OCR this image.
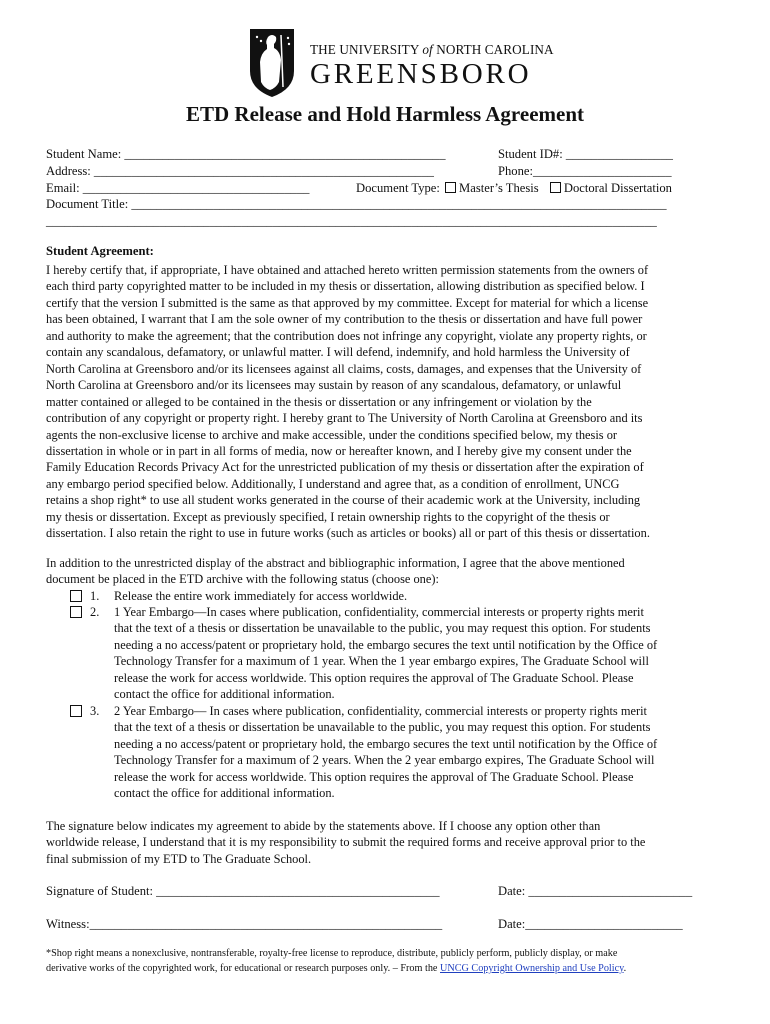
THE UNIVERSITY of NORTH CAROLINA
GREENSBORO
ETD Release and Hold Harmless Agreement
Student Name: ___________________________________________________	Student ID#: _________________
Address: ______________________________________________________	Phone:______________________
Email: ____________________________________	Document Type: Master’s Thesis Doctoral Dissertation
Document Title: _____________________________________________________________________________________
_________________________________________________________________________________________________
Student Agreement:
I hereby certify that, if appropriate, I have obtained and attached hereto written permission statements from the owners of
each third party copyrighted matter to be included in my thesis or dissertation, allowing distribution as specified below. I
certify that the version I submitted is the same as that approved by my committee. Except for material for which a license
has been obtained, I warrant that I am the sole owner of my contribution to the thesis or dissertation and have full power
and authority to make the agreement; that the contribution does not infringe any copyright, violate any property rights, or
contain any scandalous, defamatory, or unlawful matter. I will defend, indemnify, and hold harmless the University of
North Carolina at Greensboro and/or its licensees against all claims, costs, damages, and expenses that the University of
North Carolina at Greensboro and/or its licensees may sustain by reason of any scandalous, defamatory, or unlawful
matter contained or alleged to be contained in the thesis or dissertation or any infringement or violation by the
contribution of any copyright or property right. I hereby grant to The University of North Carolina at Greensboro and its
agents the non-exclusive license to archive and make accessible, under the conditions specified below, my thesis or
dissertation in whole or in part in all forms of media, now or hereafter known, and I hereby give my consent under the
Family Education Records Privacy Act for the unrestricted publication of my thesis or dissertation after the expiration of
any embargo period specified below. Additionally, I understand and agree that, as a condition of enrollment, UNCG
retains a shop right* to use all student works generated in the course of their academic work at the University, including
my thesis or dissertation. Except as previously specified, I retain ownership rights to the copyright of the thesis or
dissertation. I also retain the right to use in future works (such as articles or books) all or part of this thesis or dissertation.
In addition to the unrestricted display of the abstract and bibliographic information, I agree that the above mentioned
document be placed in the ETD archive with the following status (choose one):
1. Release the entire work immediately for access worldwide.
2. 1 Year Embargo—In cases where publication, confidentiality, commercial interests or property rights merit
that the text of a thesis or dissertation be unavailable to the public, you may request this option. For students
needing a no access/patent or proprietary hold, the embargo secures the text until notification by the Office of
Technology Transfer for a maximum of 1 year. When the 1 year embargo expires, The Graduate School will
release the work for access worldwide. This option requires the approval of The Graduate School. Please
contact the office for additional information.
3. 2 Year Embargo— In cases where publication, confidentiality, commercial interests or property rights merit
that the text of a thesis or dissertation be unavailable to the public, you may request this option. For students
needing a no access/patent or proprietary hold, the embargo secures the text until notification by the Office of
Technology Transfer for a maximum of 2 years. When the 2 year embargo expires, The Graduate School will
release the work for access worldwide. This option requires the approval of The Graduate School. Please
contact the office for additional information.
The signature below indicates my agreement to abide by the statements above. If I choose any option other than
worldwide release, I understand that it is my responsibility to submit the required forms and receive approval prior to the
final submission of my ETD to The Graduate School.
Signature of Student: _____________________________________________	Date: __________________________
Witness:________________________________________________________	Date:_________________________
*Shop right means a nonexclusive, nontransferable, royalty-free license to reproduce, distribute, publicly perform, publicly display, or make
derivative works of the copyrighted work, for educational or research purposes only. – From the UNCG Copyright Ownership and Use Policy.
